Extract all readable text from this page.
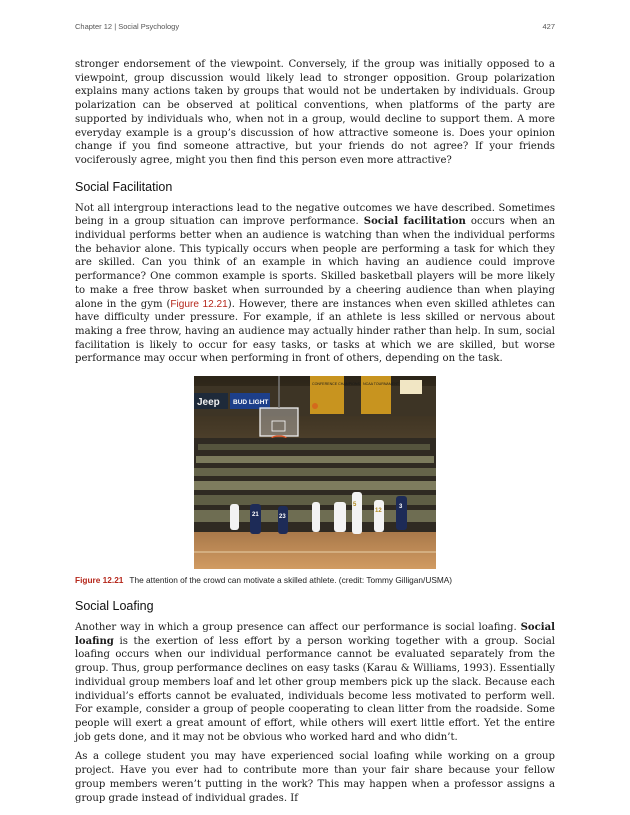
Chapter 12 | Social Psychology	427

stronger endorsement of the viewpoint. Conversely, if the group was initially opposed to a viewpoint, group discussion would likely lead to stronger opposition. Group polarization explains many actions taken by groups that would not be undertaken by individuals. Group polarization can be observed at political conventions, when platforms of the party are supported by individuals who, when not in a group, would decline to support them. A more everyday example is a group’s discussion of how attractive someone is. Does your opinion change if you find someone attractive, but your friends do not agree? If your friends vociferously agree, might you then find this person even more attractive?

Social Facilitation

Not all intergroup interactions lead to the negative outcomes we have described. Sometimes being in a group situation can improve performance. Social facilitation occurs when an individual performs better when an audience is watching than when the individual performs the behavior alone. This typically occurs when people are performing a task for which they are skilled. Can you think of an example in which having an audience could improve performance? One common example is sports. Skilled basketball players will be more likely to make a free throw basket when surrounded by a cheering audience than when playing alone in the gym (Figure 12.21). However, there are instances when even skilled athletes can have difficulty under pressure. For example, if an athlete is less skilled or nervous about making a free throw, having an audience may actually hinder rather than help. In sum, social facilitation is likely to occur for easy tasks, or tasks at which we are skilled, but worse performance may occur when performing in front of others, depending on the task.

Jeep BUD LIGHT
CONFERENCE CHAMPIONS NCAA TOURNAMENT
21	23
5
12
3
Figure 12.21 The attention of the crowd can motivate a skilled athlete. (credit: Tommy Gilligan/USMA)
Social Loafing

Another way in which a group presence can affect our performance is social loafing. Social loafing is the exertion of less effort by a person working together with a group. Social loafing occurs when our individual performance cannot be evaluated separately from the group. Thus, group performance declines on easy tasks (Karau & Williams, 1993). Essentially individual group members loaf and let other group members pick up the slack. Because each individual’s efforts cannot be evaluated, individuals become less motivated to perform well. For example, consider a group of people cooperating to clean litter from the roadside. Some people will exert a great amount of effort, while others will exert little effort. Yet the entire job gets done, and it may not be obvious who worked hard and who didn’t.

As a college student you may have experienced social loafing while working on a group project. Have you ever had to contribute more than your fair share because your fellow group members weren’t putting in the work? This may happen when a professor assigns a group grade instead of individual grades. If
